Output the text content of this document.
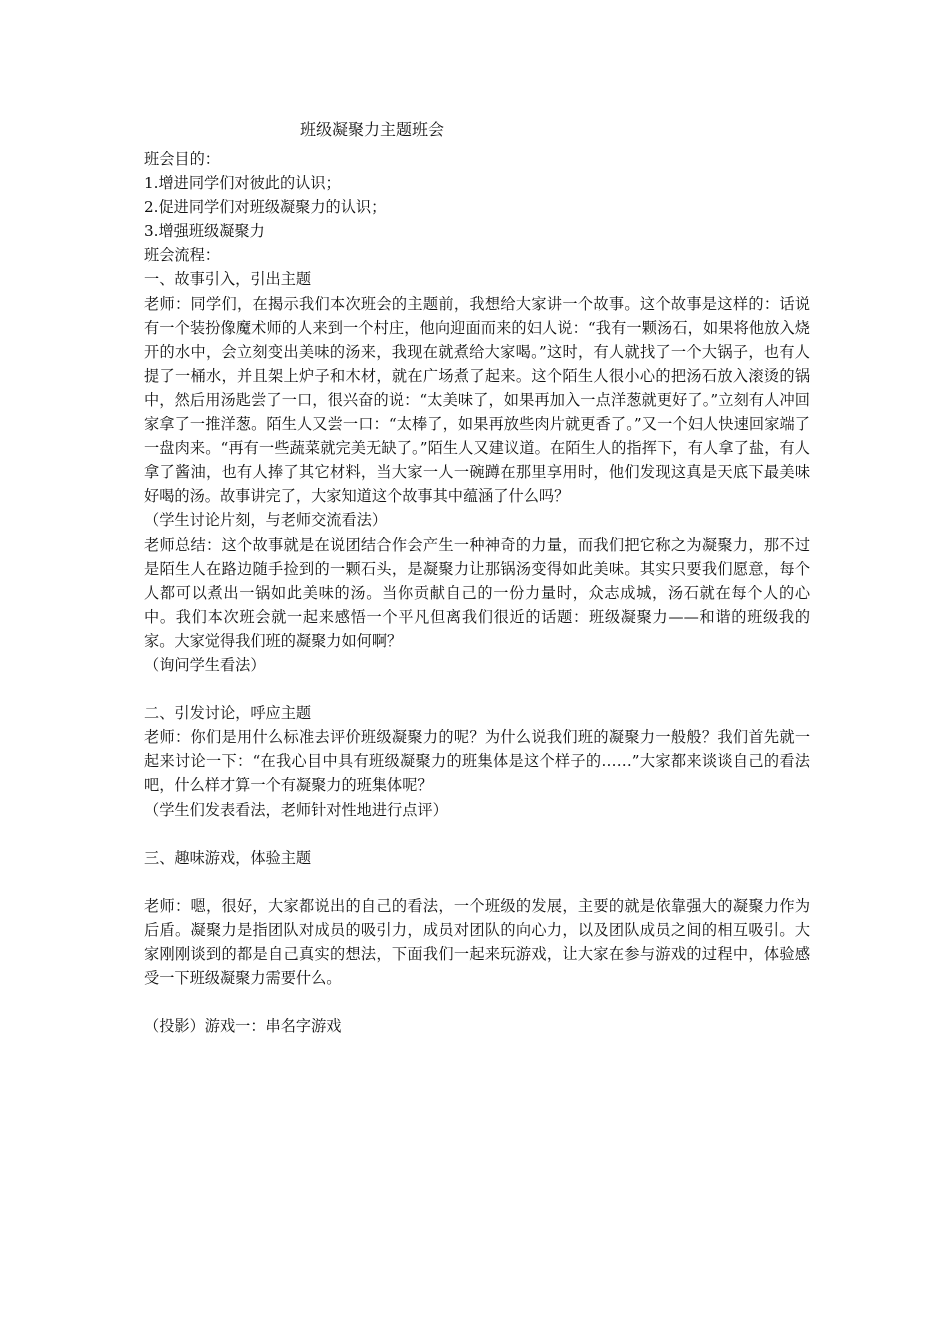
班级凝聚力主题班会

班会目的：

1.增进同学们对彼此的认识；

2.促进同学们对班级凝聚力的认识；

3.增强班级凝聚力

班会流程：

一、故事引入，引出主题

老师：同学们，在揭示我们本次班会的主题前，我想给大家讲一个故事。这个故事是这样的：话说有一个装扮像魔术师的人来到一个村庄，他向迎面而来的妇人说：“我有一颗汤石，如果将他放入烧开的水中，会立刻变出美味的汤来，我现在就煮给大家喝。”这时，有人就找了一个大锅子，也有人提了一桶水，并且架上炉子和木材，就在广场煮了起来。这个陌生人很小心的把汤石放入滚烫的锅中，然后用汤匙尝了一口，很兴奋的说：“太美味了，如果再加入一点洋葱就更好了。”立刻有人冲回家拿了一推洋葱。陌生人又尝一口：“太棒了，如果再放些肉片就更香了。”又一个妇人快速回家端了一盘肉来。“再有一些蔬菜就完美无缺了。”陌生人又建议道。在陌生人的指挥下，有人拿了盐，有人拿了酱油，也有人捧了其它材料，当大家一人一碗蹲在那里享用时，他们发现这真是天底下最美味好喝的汤。故事讲完了，大家知道这个故事其中蕴涵了什么吗？

（学生讨论片刻，与老师交流看法）

老师总结：这个故事就是在说团结合作会产生一种神奇的力量，而我们把它称之为凝聚力，那不过是陌生人在路边随手捡到的一颗石头，是凝聚力让那锅汤变得如此美味。其实只要我们愿意，每个人都可以煮出一锅如此美味的汤。当你贡献自己的一份力量时，众志成城，汤石就在每个人的心中。我们本次班会就一起来感悟一个平凡但离我们很近的话题：班级凝聚力——和谐的班级我的家。大家觉得我们班的凝聚力如何啊？

（询问学生看法）

二、引发讨论，呼应主题

老师：你们是用什么标准去评价班级凝聚力的呢？为什么说我们班的凝聚力一般般？我们首先就一起来讨论一下：“在我心目中具有班级凝聚力的班集体是这个样子的……”大家都来谈谈自己的看法吧，什么样才算一个有凝聚力的班集体呢？

（学生们发表看法，老师针对性地进行点评）

三、趣味游戏，体验主题

老师：嗯，很好，大家都说出的自己的看法，一个班级的发展，主要的就是依靠强大的凝聚力作为后盾。凝聚力是指团队对成员的吸引力，成员对团队的向心力，以及团队成员之间的相互吸引。大家刚刚谈到的都是自己真实的想法，下面我们一起来玩游戏，让大家在参与游戏的过程中，体验感受一下班级凝聚力需要什么。

（投影）游戏一：串名字游戏
